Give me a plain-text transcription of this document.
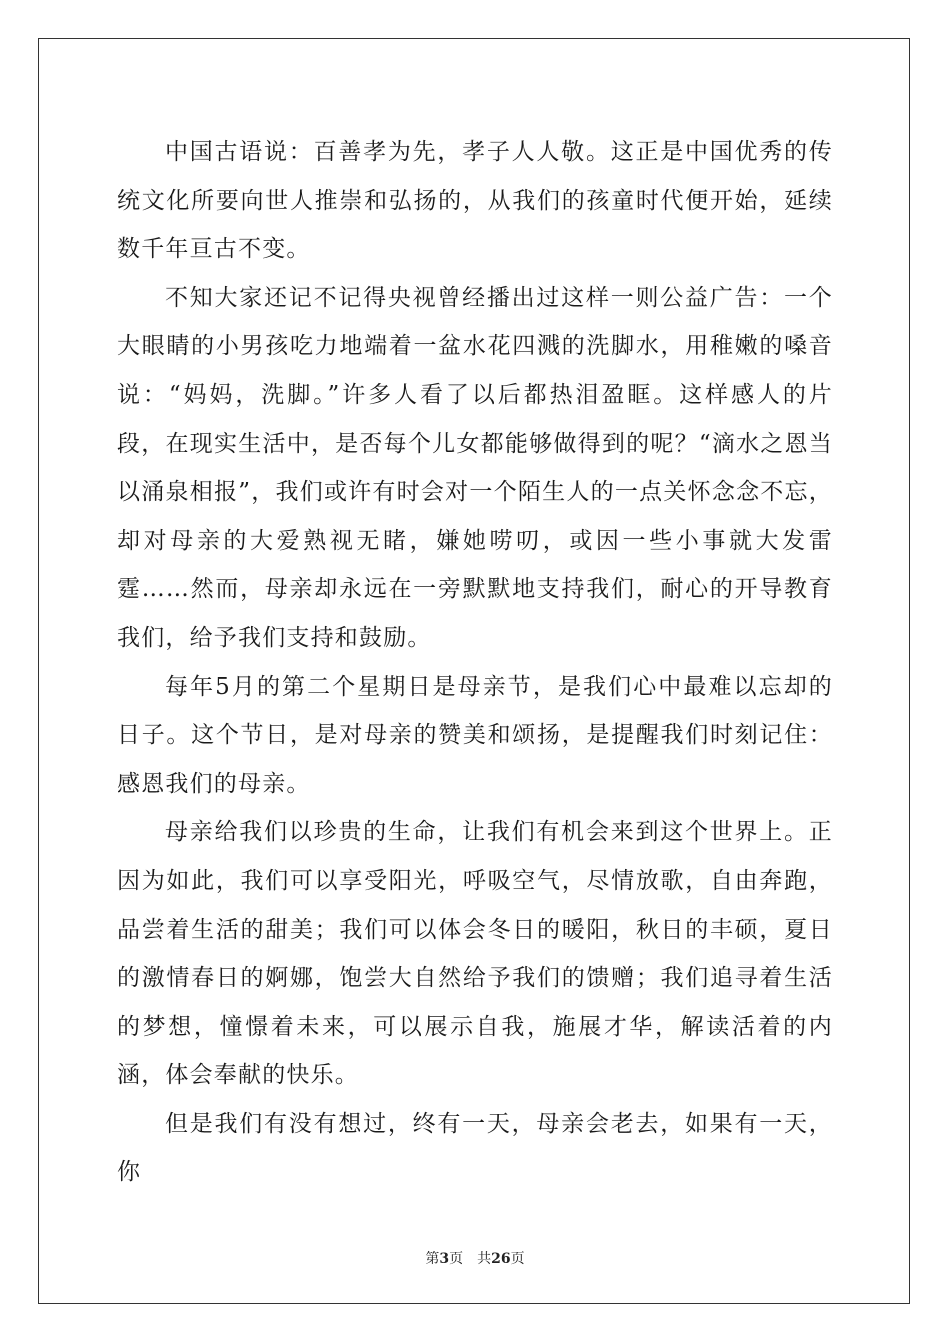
中国古语说：百善孝为先，孝子人人敬。这正是中国优秀的传统文化所要向世人推崇和弘扬的，从我们的孩童时代便开始，延续数千年亘古不变。

不知大家还记不记得央视曾经播出过这样一则公益广告：一个大眼睛的小男孩吃力地端着一盆水花四溅的洗脚水，用稚嫩的嗓音说：“妈妈，洗脚。”许多人看了以后都热泪盈眶。这样感人的片段，在现实生活中，是否每个儿女都能够做得到的呢？“滴水之恩当以涌泉相报”，我们或许有时会对一个陌生人的一点关怀念念不忘，却对母亲的大爱熟视无睹，嫌她唠叨，或因一些小事就大发雷霆……然而，母亲却永远在一旁默默地支持我们，耐心的开导教育我们，给予我们支持和鼓励。

每年5月的第二个星期日是母亲节，是我们心中最难以忘却的日子。这个节日，是对母亲的赞美和颂扬，是提醒我们时刻记住：感恩我们的母亲。

母亲给我们以珍贵的生命，让我们有机会来到这个世界上。正因为如此，我们可以享受阳光，呼吸空气，尽情放歌，自由奔跑，品尝着生活的甜美；我们可以体会冬日的暖阳，秋日的丰硕，夏日的激情春日的婀娜，饱尝大自然给予我们的馈赠；我们追寻着生活的梦想，憧憬着未来，可以展示自我，施展才华，解读活着的内涵，体会奉献的快乐。

但是我们有没有想过，终有一天，母亲会老去，如果有一天，你

第3页 共26页
